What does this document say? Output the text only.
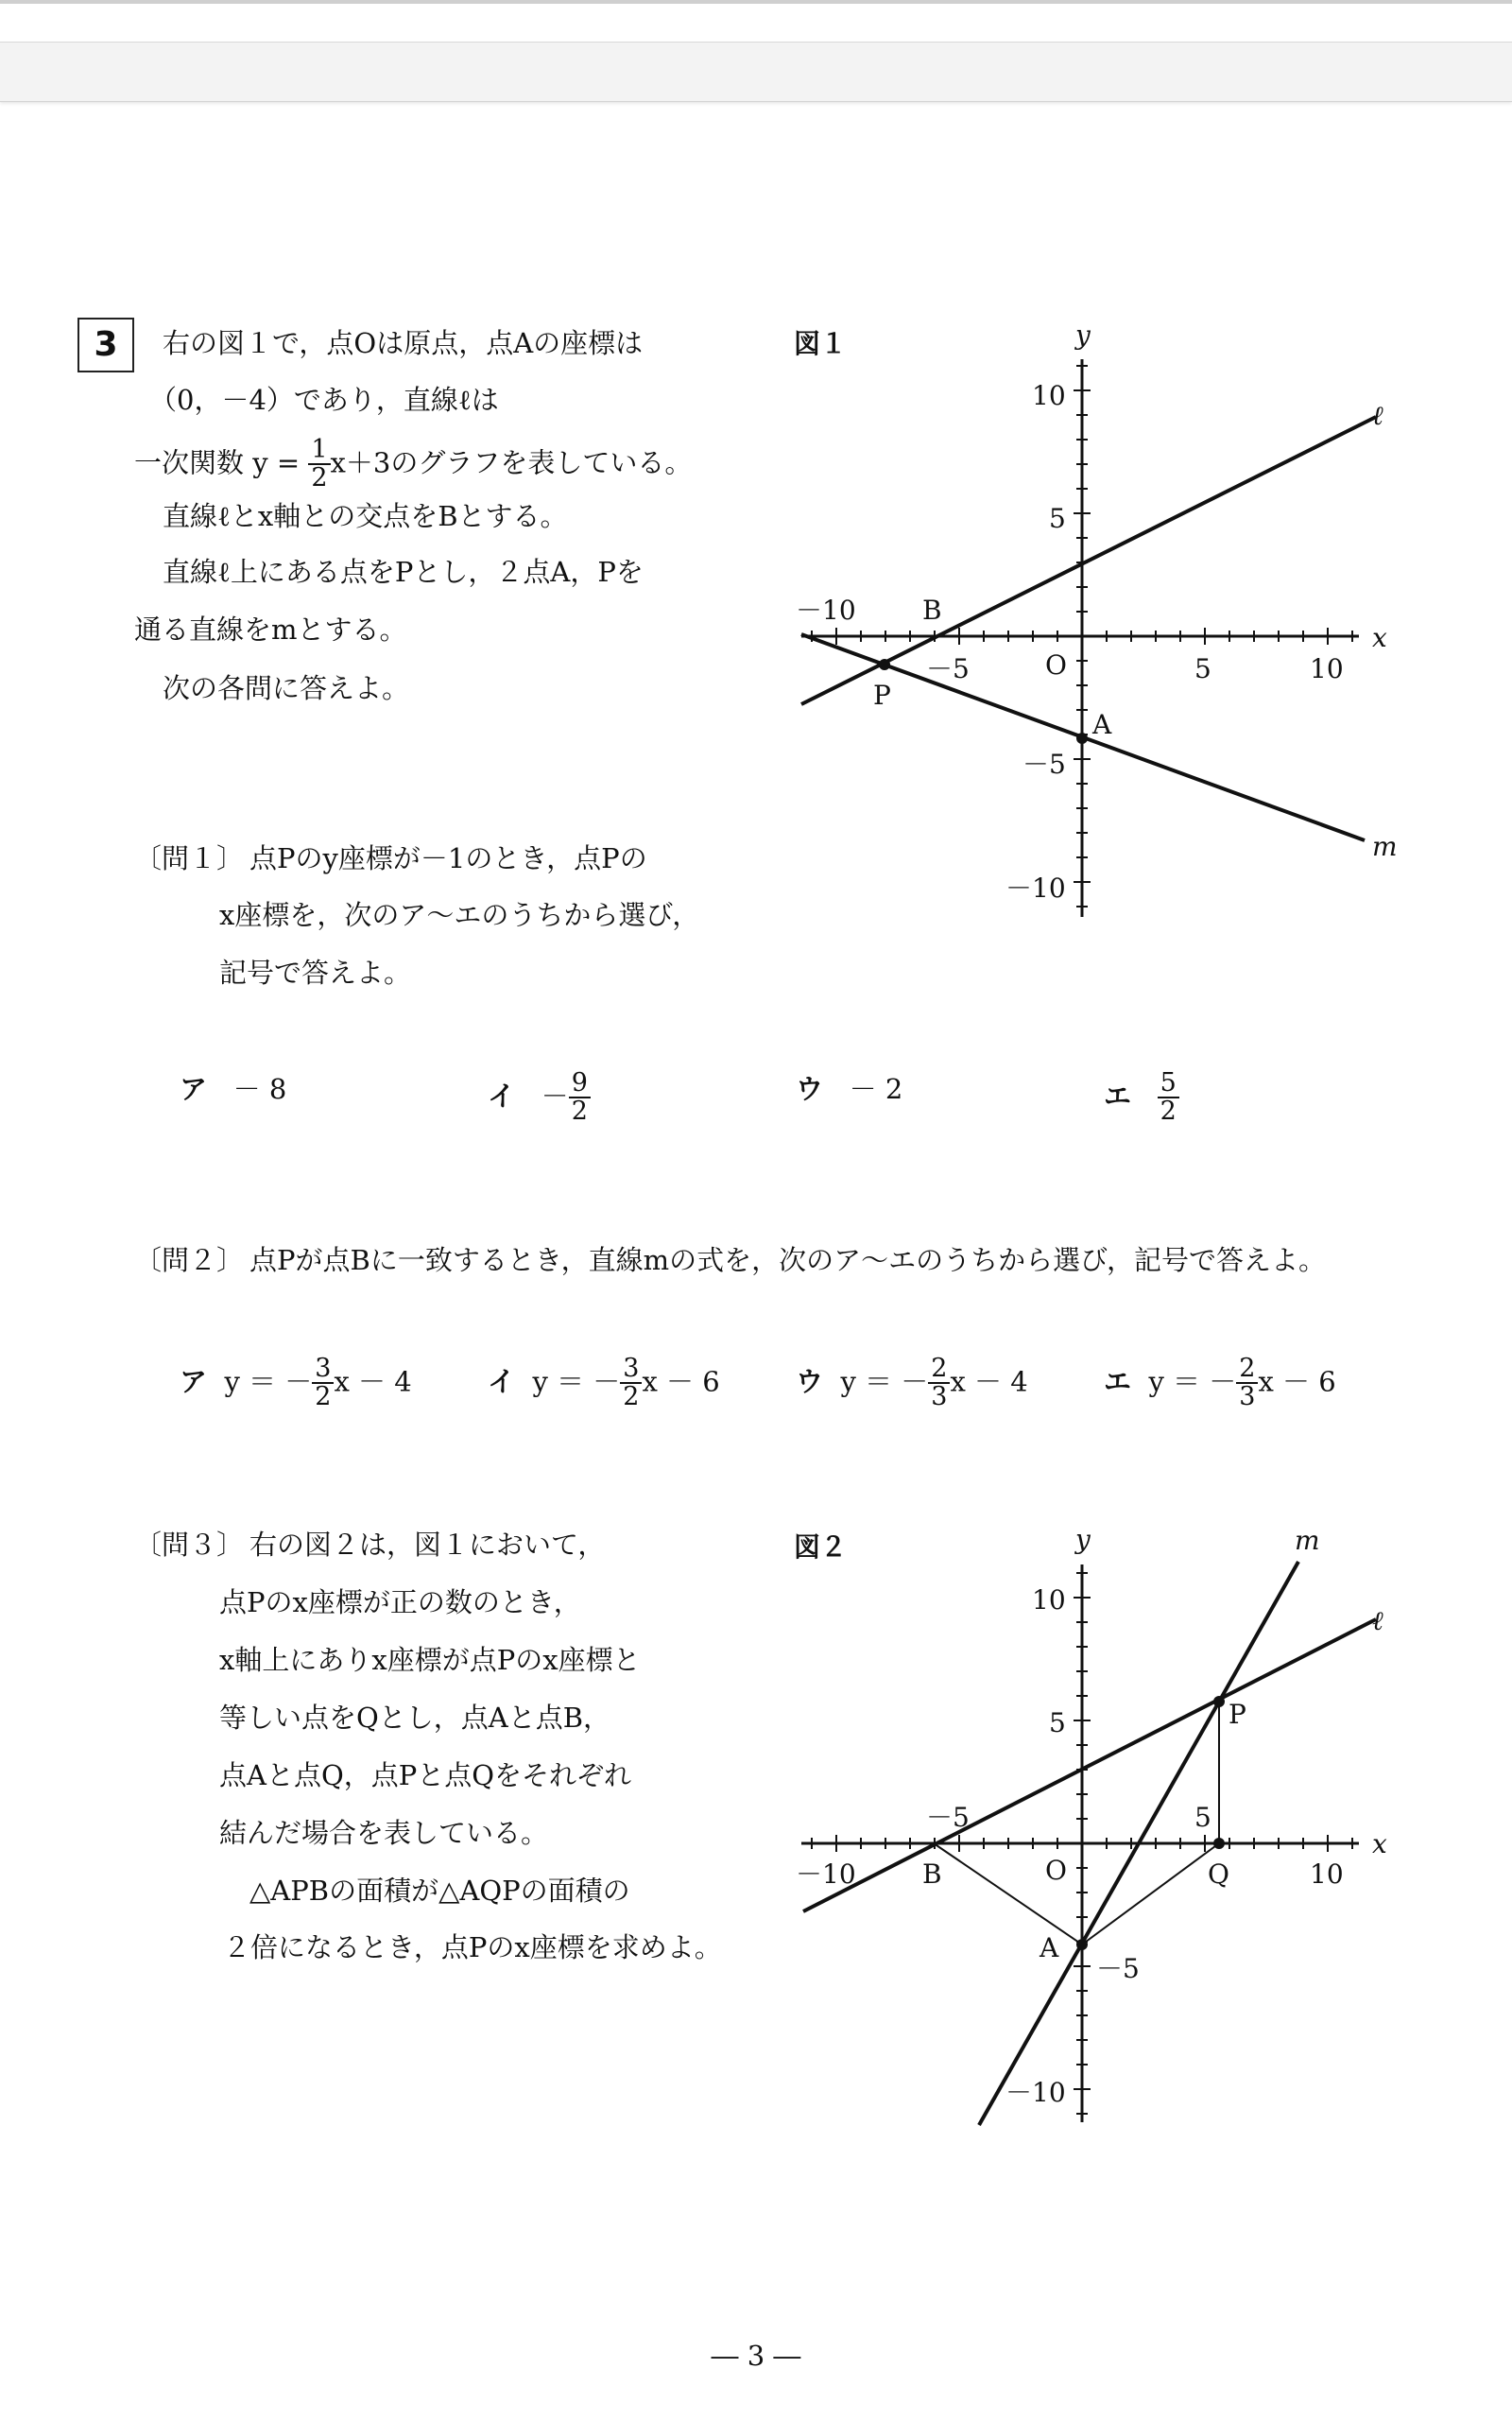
3	右の図１で，点Oは原点，点Aの座標は
（0，－4）であり，直線ℓは
一次関数 $y = \frac{1}{2} x+3$のグラフを表している。
直線ℓとx軸との交点をBとする。
直線ℓ上にある点をPとし，２点A，Pを
通る直線をmとする。
次の各問に答えよ。
〔問１〕 点Pのy座標が－1のとき，点Pの
x座標を，次のア～エのうちから選び，
記号で答えよ。
ア － 8	イ － $\frac{9}{2}$	ウ － 2	エ $\frac{5}{2}$
〔問２〕 点Pが点Bに一致するとき，直線mの式を，次のア～エのうちから選び，記号で答えよ。
ア y ＝ － $\frac{3}{2}$ x － 4	イ y ＝ － $\frac{3}{2}$ x － 6	ウ y ＝ － $\frac{2}{3}$ x － 4	エ y ＝ － $\frac{2}{3}$ x － 6
〔問３〕 右の図２は，図１において，
点Pのx座標が正の数のとき，
x軸上にありx座標が点Pのx座標と
等しい点をQとし，点Aと点B，
点Aと点Q，点Pと点Qをそれぞれ
結んだ場合を表している。
△APBの面積が△AQPの面積の
２倍になるとき，点Pのx座標を求めよ。
図１	y
x
O
10
5
－5
－10
－10
－5	5	10
ℓ
m
A
B
P
図２	y
x
O
10
5
－5
－10
－10
－5	5
10
ℓ
m
A
B
P
Q
― 3 ―
